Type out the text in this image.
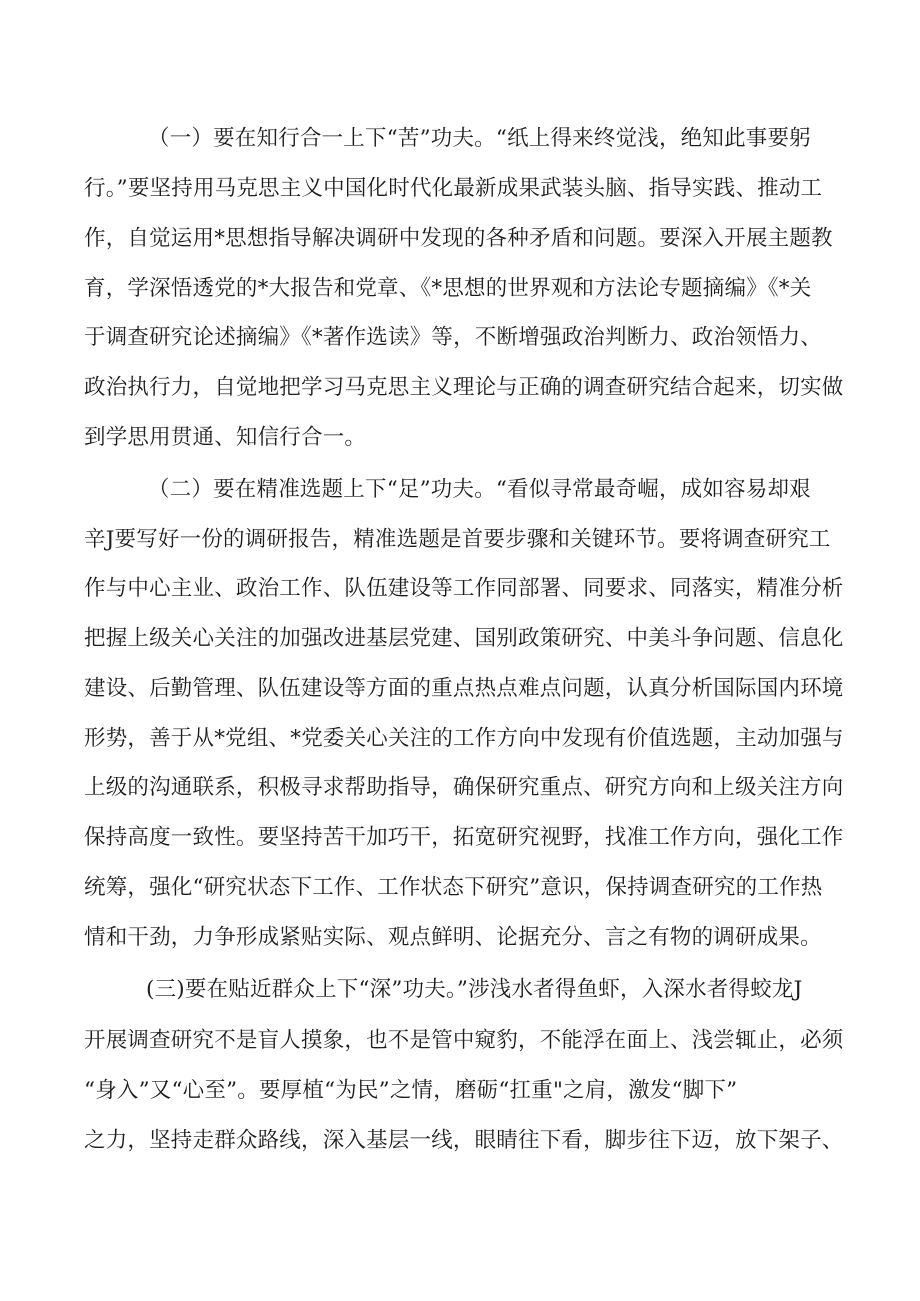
（一）要在知行合一上下“苦”功夫。“纸上得来终觉浅，绝知此事要躬

行。”要坚持用马克思主义中国化时代化最新成果武装头脑、指导实践、推动工

作，自觉运用*思想指导解决调研中发现的各种矛盾和问题。要深入开展主题教

育，学深悟透党的*大报告和党章、《*思想的世界观和方法论专题摘编》《*关

于调查研究论述摘编》《*著作选读》等，不断增强政治判断力、政治领悟力、

政治执行力，自觉地把学习马克思主义理论与正确的调查研究结合起来，切实做

到学思用贯通、知信行合一。

（二）要在精准选题上下“足”功夫。“看似寻常最奇崛，成如容易却艰

辛J要写好一份的调研报告，精准选题是首要步骤和关键环节。要将调查研究工

作与中心主业、政治工作、队伍建设等工作同部署、同要求、同落实，精准分析

把握上级关心关注的加强改进基层党建、国别政策研究、中美斗争问题、信息化

建设、后勤管理、队伍建设等方面的重点热点难点问题，认真分析国际国内环境

形势，善于从*党组、*党委关心关注的工作方向中发现有价值选题，主动加强与

上级的沟通联系，积极寻求帮助指导，确保研究重点、研究方向和上级关注方向

保持高度一致性。要坚持苦干加巧干，拓宽研究视野，找准工作方向，强化工作

统筹，强化“研究状态下工作、工作状态下研究”意识，保持调查研究的工作热

情和干劲，力争形成紧贴实际、观点鲜明、论据充分、言之有物的调研成果。

(三)要在贴近群众上下“深”功夫。”涉浅水者得鱼虾，入深水者得蛟龙J

开展调查研究不是盲人摸象，也不是管中窥豹，不能浮在面上、浅尝辄止，必须

“身入”又“心至”。要厚植“为民”之情，磨砺“扛重"之肩，激发“脚下”

之力，坚持走群众路线，深入基层一线，眼睛往下看，脚步往下迈，放下架子、
